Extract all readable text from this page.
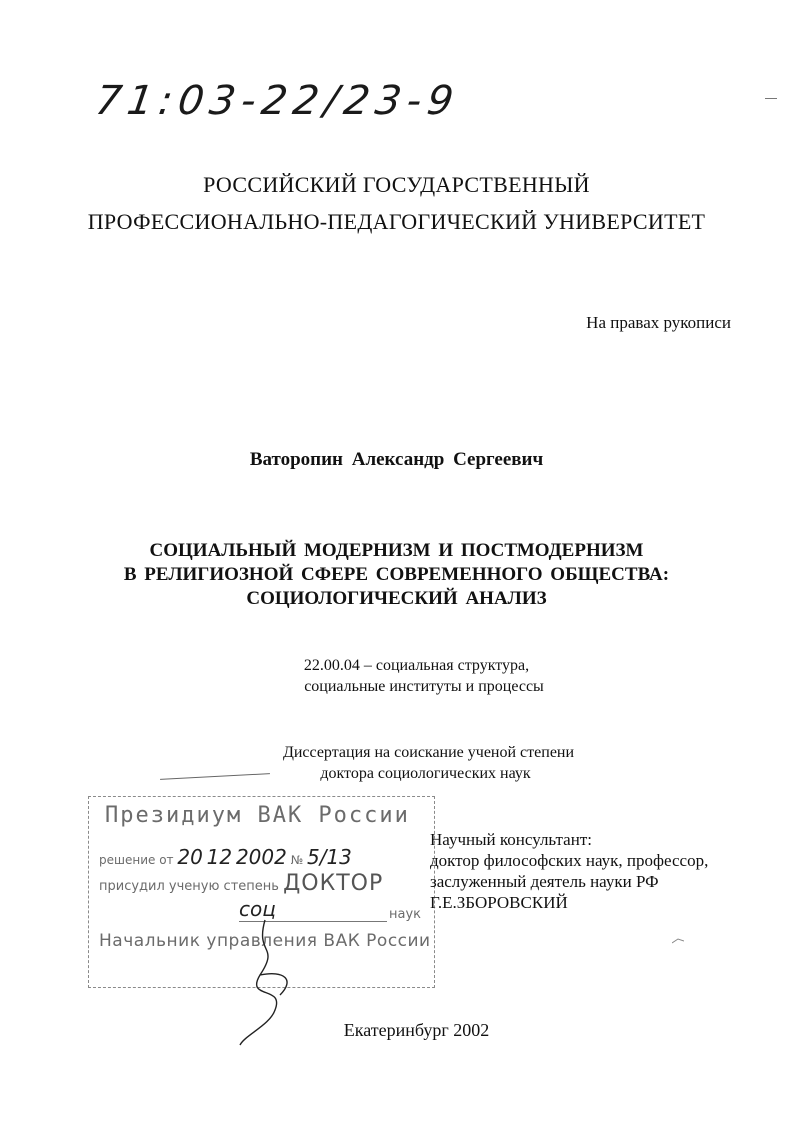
71:03-22/23-9
РОССИЙСКИЙ ГОСУДАРСТВЕННЫЙ
ПРОФЕССИОНАЛЬНО-ПЕДАГОГИЧЕСКИЙ УНИВЕРСИТЕТ
На правах рукописи
Ваторопин Александр Сергеевич
СОЦИАЛЬНЫЙ МОДЕРНИЗМ И ПОСТМОДЕРНИЗМ
В РЕЛИГИОЗНОЙ СФЕРЕ СОВРЕМЕННОГО ОБЩЕСТВА:
СОЦИОЛОГИЧЕСКИЙ АНАЛИЗ
22.00.04 – социальная структура,
социальные институты и процессы
Диссертация на соискание ученой степени
доктора социологических наук
Президиум ВАК России
решение от 20 12 2002 № 5/13
присудил ученую степень ДОКТОР
соц	наук
Начальник управления ВАК России
Научный консультант:
доктор философских наук, профессор,
заслуженный деятель науки РФ
Г.Е.ЗБОРОВСКИЙ
Екатеринбург 2002
